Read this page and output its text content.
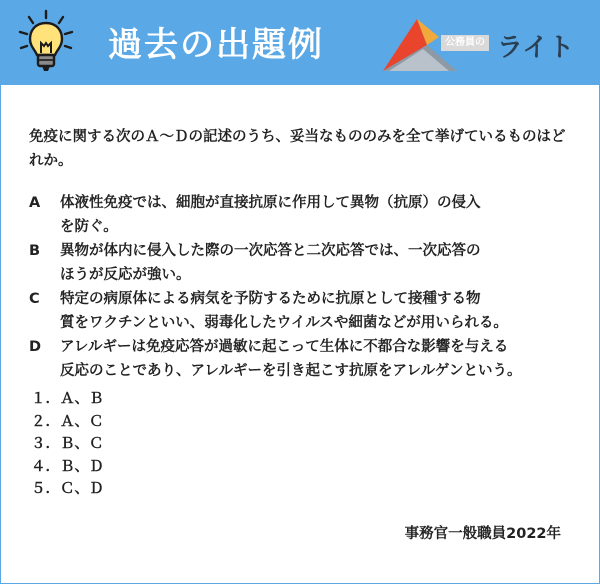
過去の出題例	公務員の ライト
免疫に関する次のＡ～Ｄの記述のうち、妥当なもののみを全て挙げているものはどれか。
A	体液性免疫では、細胞が直接抗原に作用して異物（抗原）の侵入
を防ぐ。
B	異物が体内に侵入した際の一次応答と二次応答では、一次応答の
ほうが反応が強い。
C	特定の病原体による病気を予防するために抗原として接種する物
質をワクチンといい、弱毒化したウイルスや細菌などが用いられる。
D	アレルギーは免疫応答が過敏に起こって生体に不都合な影響を与える
反応のことであり、アレルギーを引き起こす抗原をアレルゲンという。
１．Ａ、Ｂ
２．Ａ、Ｃ
３．Ｂ、Ｃ
４．Ｂ、Ｄ
５．Ｃ、Ｄ
事務官一般職員2022年
